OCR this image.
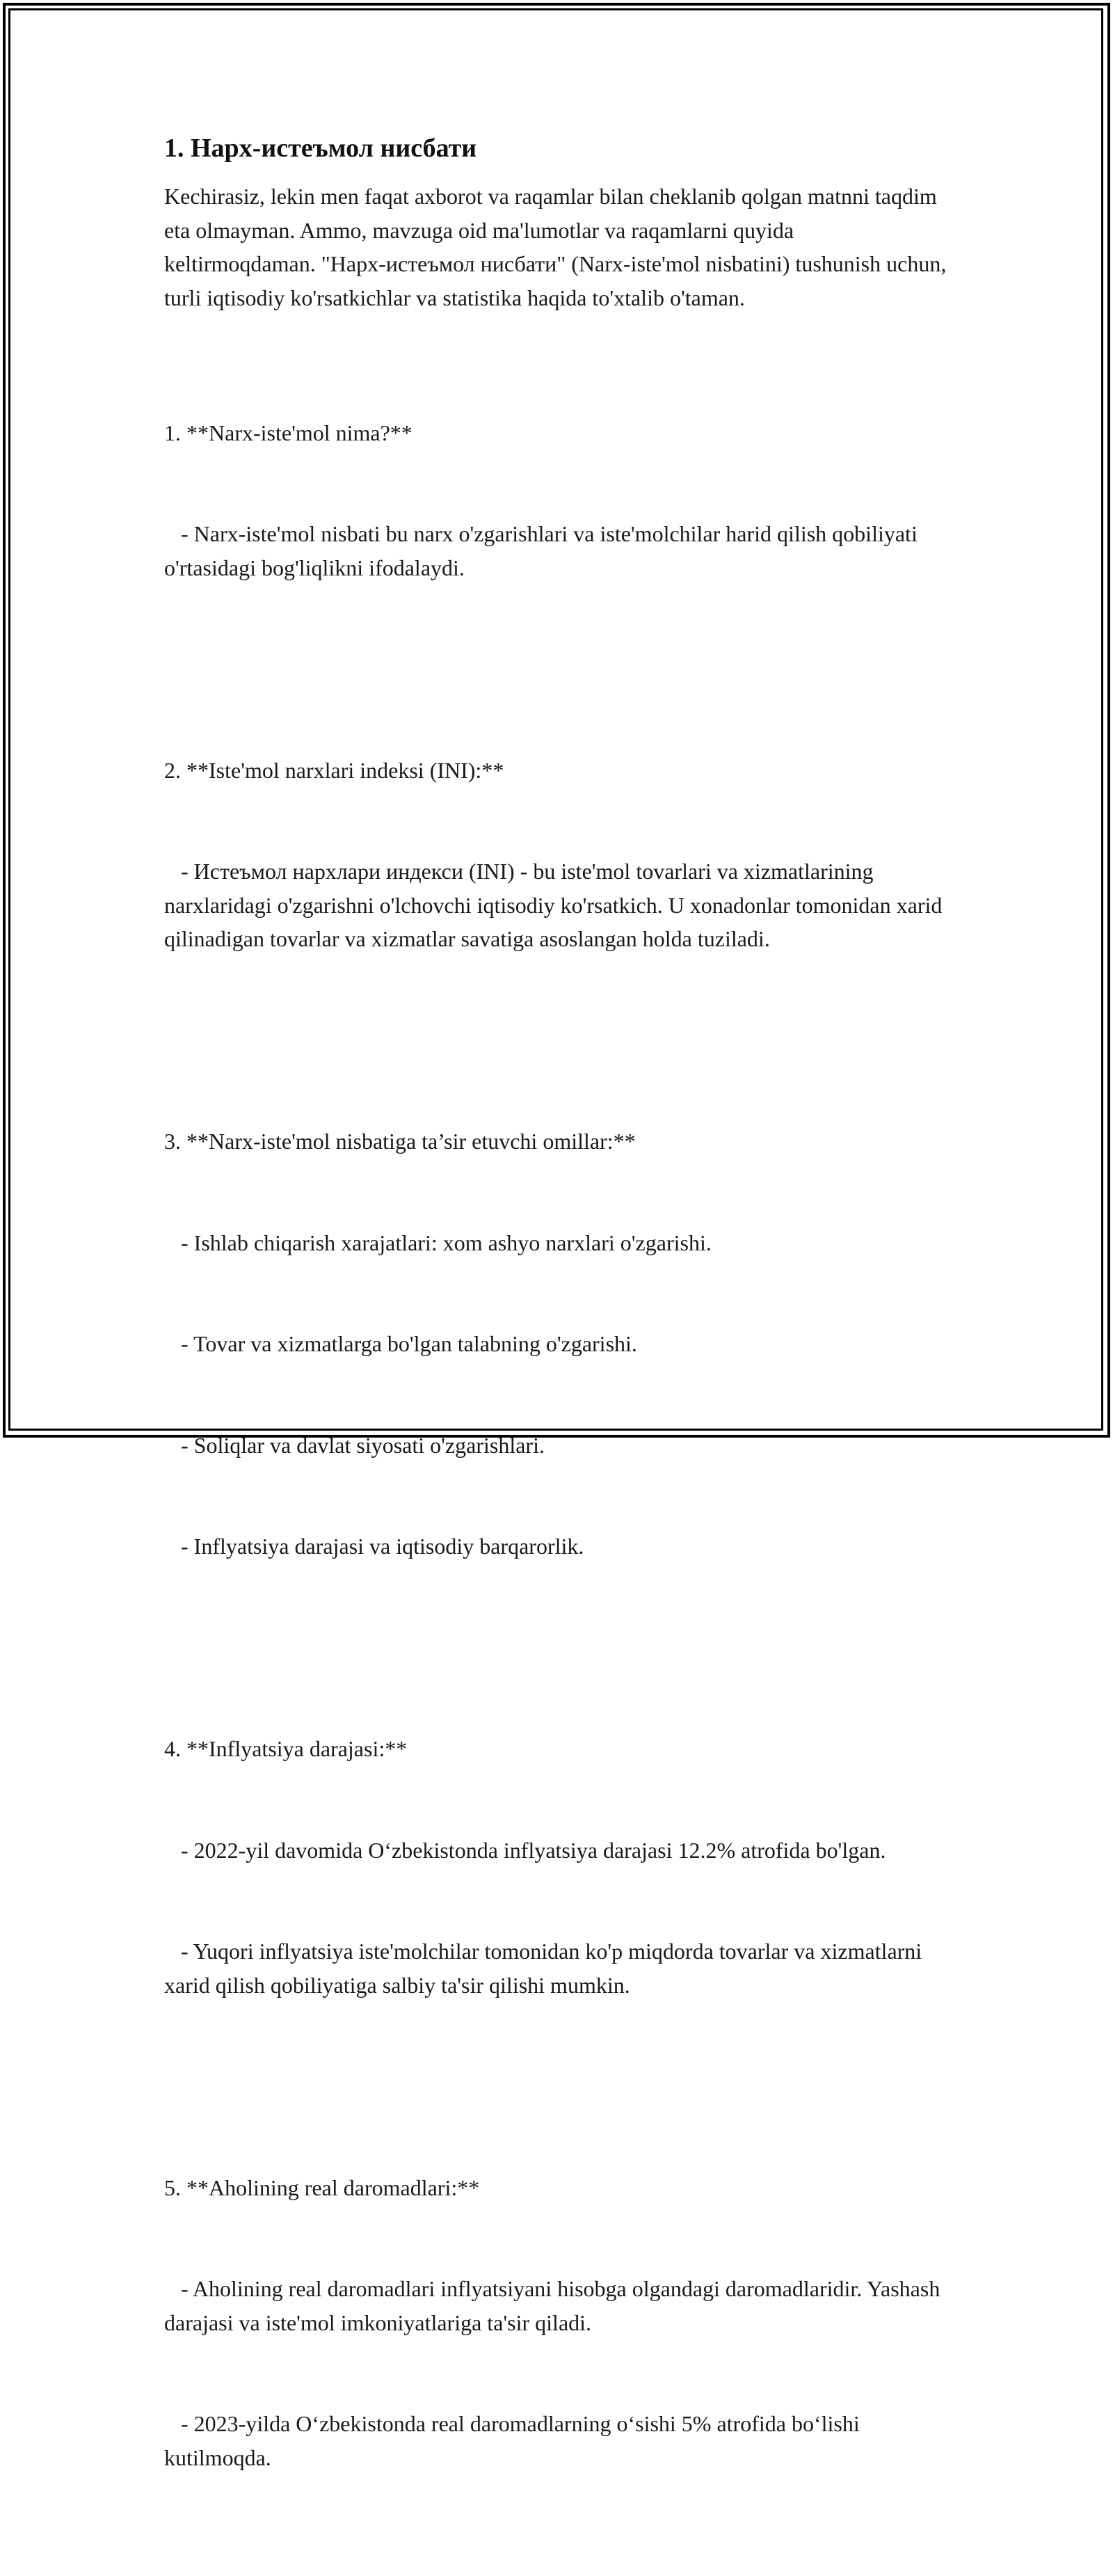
1. Нарх-истеъмол нисбати

Kechirasiz, lekin men faqat axborot va raqamlar bilan cheklanib qolgan matnni taqdim eta olmayman. Ammo, mavzuga oid ma'lumotlar va raqamlarni quyida keltirmoqdaman. "Нарх-истеъмол нисбати" (Narx-iste'mol nisbatini) tushunish uchun, turli iqtisodiy ko'rsatkichlar va statistika haqida to'xtalib o'taman.

1. **Narx-iste'mol nima?**

- Narx-iste'mol nisbati bu narx o'zgarishlari va iste'molchilar harid qilish qobiliyati o'rtasidagi bog'liqlikni ifodalaydi.

2. **Iste'mol narxlari indeksi (INI):**

- Истеъмол нархлари индекси (INI) - bu iste'mol tovarlari va xizmatlarining narxlaridagi o'zgarishni o'lchovchi iqtisodiy ko'rsatkich. U xonadonlar tomonidan xarid qilinadigan tovarlar va xizmatlar savatiga asoslangan holda tuziladi.

3. **Narx-iste'mol nisbatiga ta’sir etuvchi omillar:**

- Ishlab chiqarish xarajatlari: xom ashyo narxlari o'zgarishi.

- Tovar va xizmatlarga bo'lgan talabning o'zgarishi.

- Soliqlar va davlat siyosati o'zgarishlari.

- Inflyatsiya darajasi va iqtisodiy barqarorlik.

4. **Inflyatsiya darajasi:**

- 2022-yil davomida O‘zbekistonda inflyatsiya darajasi 12.2% atrofida bo'lgan.

- Yuqori inflyatsiya iste'molchilar tomonidan ko'p miqdorda tovarlar va xizmatlarni xarid qilish qobiliyatiga salbiy ta'sir qilishi mumkin.

5. **Aholining real daromadlari:**

- Aholining real daromadlari inflyatsiyani hisobga olgandagi daromadlaridir. Yashash darajasi va iste'mol imkoniyatlariga ta'sir qiladi.

- 2023-yilda O‘zbekistonda real daromadlarning o‘sishi 5% atrofida bo‘lishi kutilmoqda.
